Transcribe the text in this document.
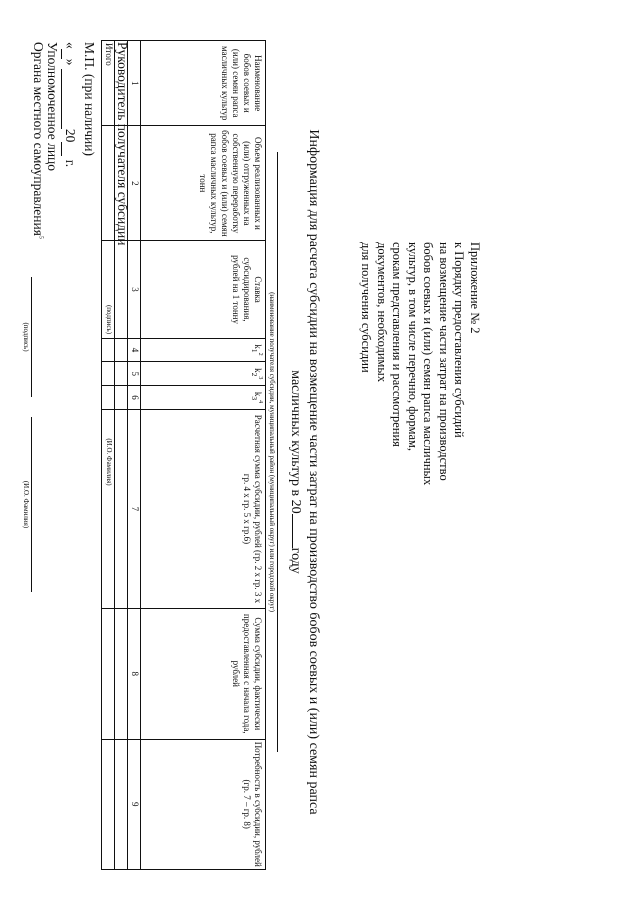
Приложение № 2
к Порядку предоставления субсидий
на возмещение части затрат на производство
бобов соевых и (или) семян рапса масличных
культур, в том числе перечню, формам,
срокам представления и рассмотрения
документов, необходимых
для получения субсидии
Информация для расчета субсидии на возмещение части затрат на производство бобов соевых и (или) семян рапса
масличных культур в 20году
(наименование получателя субсидии, муниципальный район (муниципальный округ) или городской округ)
Наименование бобов соевых и (или) семян рапса масличных культур	Объем реализованных и (или) отгруженных на собственную переработку бобов соевых и (или) семян рапса масличных культур, тонн	Ставка субсидирования, рублей на 1 тонну	$k_1^2$	$k_2^3$	$k_3^4$	Расчетная сумма субсидии, рублей (гр. 2 х гр. 3 х гр. 4 х гр. 5 х гр.6)	Сумма субсидии, фактически предоставленная с начала года, рублей	Потребность в субсидии, рублей (гр. 7 – гр. 8)
1	2	3	4	5	6	7	8	9

Итого								Руководитель получателя субсидии
(подпись)
(И.О. Фамилия)
М.П. (при наличии)
« »  20  г.
Уполномоченное лицо
Органа местного самоуправления$^5$
(подпись)
(И.О. Фамилия)
